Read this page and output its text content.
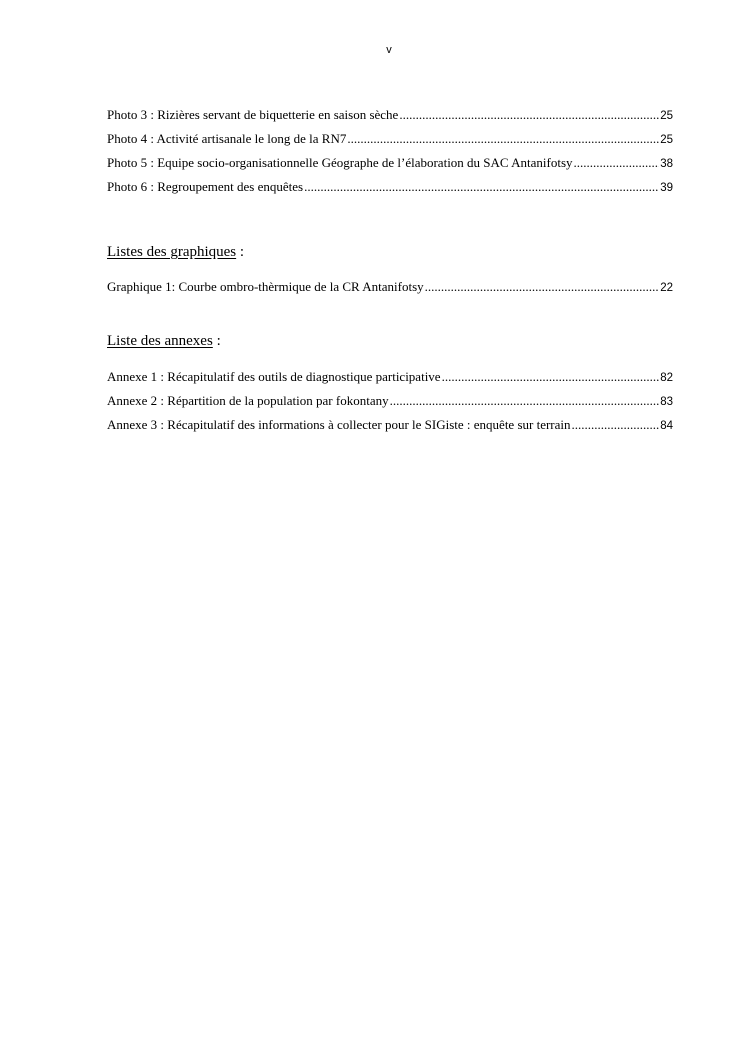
v
Photo 3 : Rizières servant de biquetterie en saison sèche .....	25
Photo 4 : Activité artisanale le long de la RN7 .....	25
Photo 5 : Equipe socio-organisationnelle Géographe de l’élaboration du SAC Antanifotsy .....	38
Photo 6 : Regroupement des enquêtes .....	39
Listes des graphiques :
Graphique 1: Courbe ombro-thèrmique de la CR Antanifotsy .....	22
Liste des annexes :
Annexe 1 : Récapitulatif des outils de diagnostique participative .....	82
Annexe 2 : Répartition de la population par fokontany .....	83
Annexe 3 : Récapitulatif des informations à collecter pour le SIGiste : enquête sur terrain .....	84
